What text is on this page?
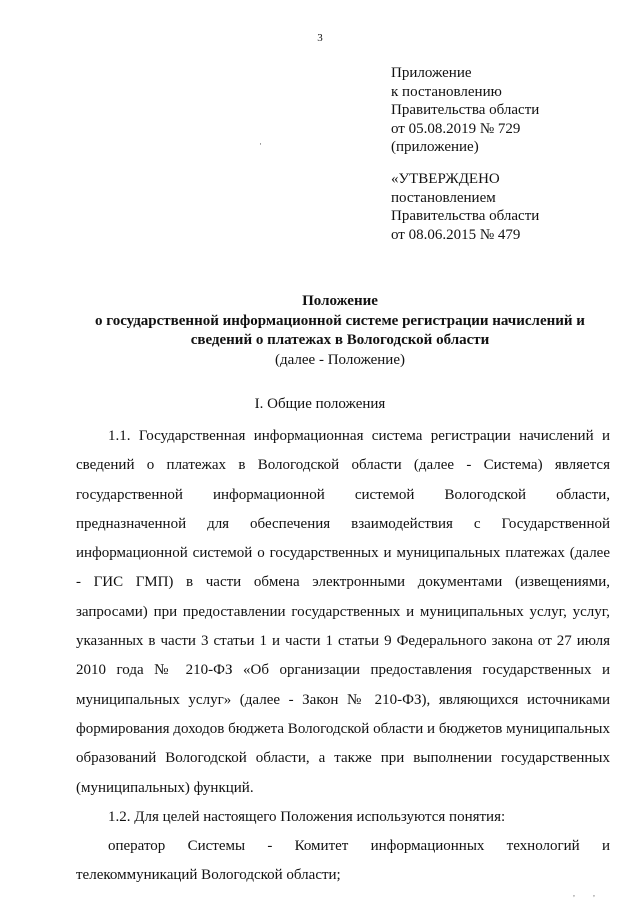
3
·
Приложение
к постановлению
Правительства области
от 05.08.2019 № 729
(приложение)
«УТВЕРЖДЕНО
постановлением
Правительства области
от 08.06.2015 № 479
Положение
о государственной информационной системе регистрации начислений и
сведений о платежах в Вологодской области
(далее - Положение)
I. Общие положения
1.1. Государственная информационная система регистрации начислений и сведений о платежах в Вологодской области (далее - Система) является государственной информационной системой Вологодской области, предназначенной для обеспечения взаимодействия с Государственной информационной системой о государственных и муниципальных платежах (далее - ГИС ГМП) в части обмена электронными документами (извещениями, запросами) при предоставлении государственных и муниципальных услуг, услуг, указанных в части 3 статьи 1 и части 1 статьи 9 Федерального закона от 27 июля 2010 года № 210-ФЗ «Об организации предоставления государственных и муниципальных услуг» (далее - Закон № 210-ФЗ), являющихся источниками формирования доходов бюджета Вологодской области и бюджетов муниципальных образований Вологодской области, а также при выполнении государственных (муниципальных) функций.
1.2. Для целей настоящего Положения используются понятия:
оператор Системы - Комитет информационных технологий и телекоммуникаций Вологодской области;
, ,
